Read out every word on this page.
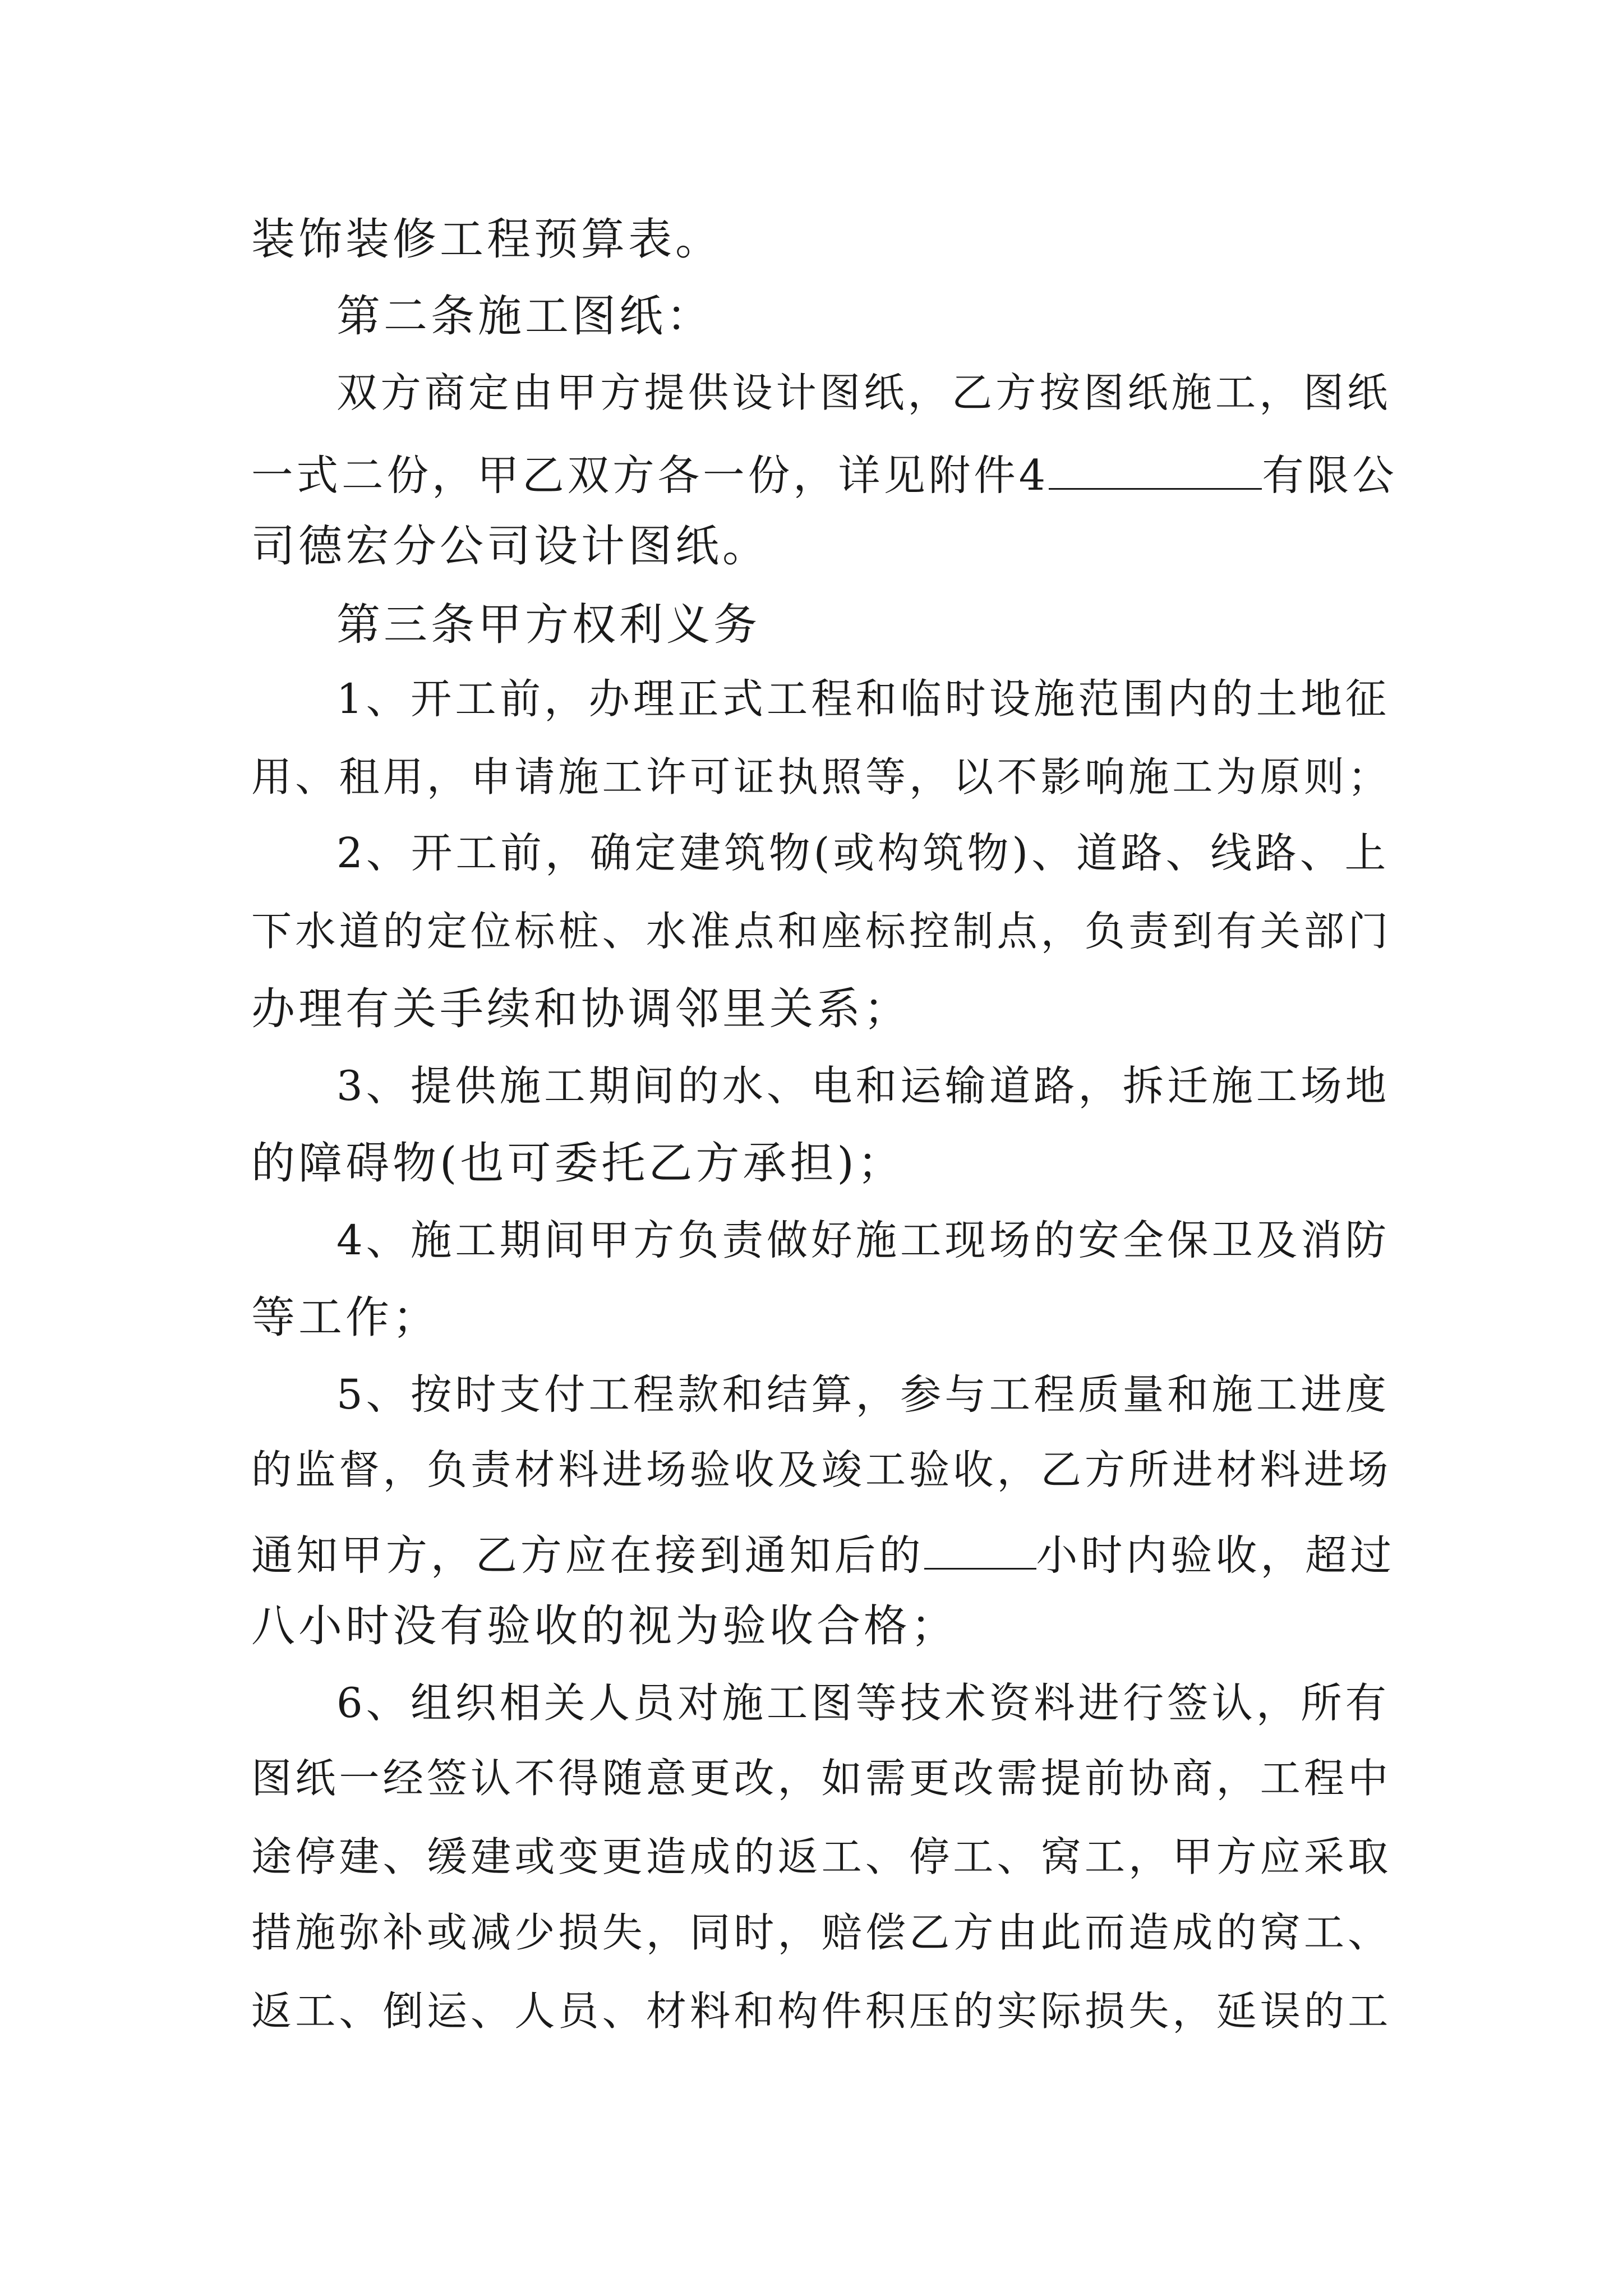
装饰装修工程预算表。
第二条施工图纸：
双方商定由甲方提供设计图纸，乙方按图纸施工，图纸
一式二份，甲乙双方各一份，详见附件4	有限公
司德宏分公司设计图纸。
第三条甲方权利义务
1、开工前，办理正式工程和临时设施范围内的土地征
用、租用，申请施工许可证执照等，以不影响施工为原则；
2、开工前，确定建筑物(或构筑物)、道路、线路、上
下水道的定位标桩、水准点和座标控制点，负责到有关部门
办理有关手续和协调邻里关系；
3、提供施工期间的水、电和运输道路，拆迁施工场地
的障碍物(也可委托乙方承担)；
4、施工期间甲方负责做好施工现场的安全保卫及消防
等工作；
5、按时支付工程款和结算，参与工程质量和施工进度
的监督，负责材料进场验收及竣工验收，乙方所进材料进场
通知甲方，乙方应在接到通知后的	小时内验收，超过
八小时没有验收的视为验收合格；
6、组织相关人员对施工图等技术资料进行签认，所有
图纸一经签认不得随意更改，如需更改需提前协商，工程中
途停建、缓建或变更造成的返工、停工、窝工，甲方应采取
措施弥补或减少损失，同时，赔偿乙方由此而造成的窝工、
返工、倒运、人员、材料和构件积压的实际损失，延误的工
